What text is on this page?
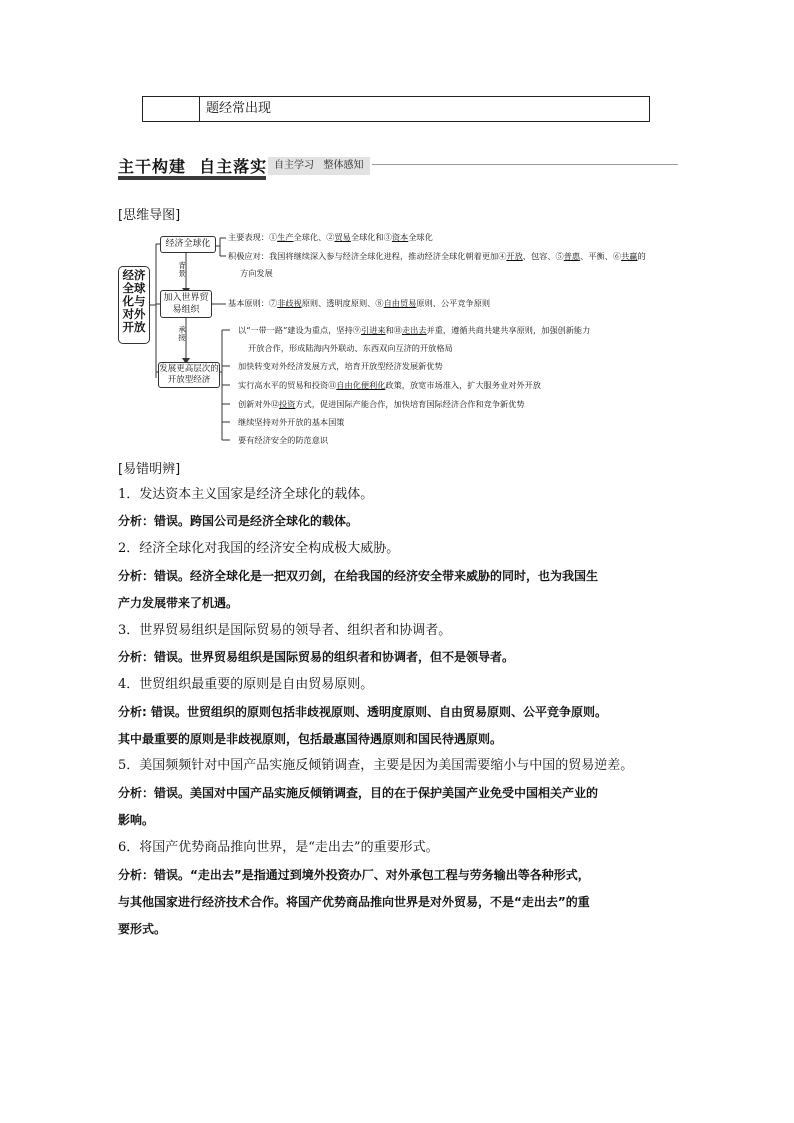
题经常出现
主干构建  自主落实 自主学习   整体感知
[思维导图]
经济全球化与对外开放
经济全球化
加入世界贸易组织
发展更高层次的开放型经济
背景
承接
主要表现：①生产全球化、②贸易全球化和③资本全球化
积极应对：我国将继续深入参与经济全球化进程，推动经济全球化朝着更加④开放、包容、⑤普惠、平衡、⑥共赢的
方向发展
基本原则：⑦非歧视原则、透明度原则、⑧自由贸易原则、公平竞争原则
以“一带一路”建设为重点，坚持⑨引进来和⑩走出去并重，遵循共商共建共享原则，加强创新能力
开放合作，形成陆海内外联动、东西双向互济的开放格局
加快转变对外经济发展方式，培育开放型经济发展新优势
实行高水平的贸易和投资⑪自由化便利化政策，放宽市场准入，扩大服务业对外开放
创新对外⑫投资方式，促进国际产能合作，加快培育国际经济合作和竞争新优势
继续坚持对外开放的基本国策
要有经济安全的防范意识
[易错明辨]
1．发达资本主义国家是经济全球化的载体。
分析：错误。跨国公司是经济全球化的载体。
2．经济全球化对我国的经济安全构成极大威胁。
分析：错误。经济全球化是一把双刃剑，在给我国的经济安全带来威胁的同时，也为我国生
产力发展带来了机遇。
3．世界贸易组织是国际贸易的领导者、组织者和协调者。
分析：错误。世界贸易组织是国际贸易的组织者和协调者，但不是领导者。
4．世贸组织最重要的原则是自由贸易原则。
分析: 错误。世贸组织的原则包括非歧视原则、透明度原则、自由贸易原则、公平竞争原则。
其中最重要的原则是非歧视原则，包括最惠国待遇原则和国民待遇原则。
5．美国频频针对中国产品实施反倾销调查，主要是因为美国需要缩小与中国的贸易逆差。
分析：错误。美国对中国产品实施反倾销调查，目的在于保护美国产业免受中国相关产业的
影响。
6．将国产优势商品推向世界，是“走出去”的重要形式。
分析：错误。“走出去”是指通过到境外投资办厂、对外承包工程与劳务输出等各种形式，
与其他国家进行经济技术合作。将国产优势商品推向世界是对外贸易，不是“走出去”的重
要形式。
